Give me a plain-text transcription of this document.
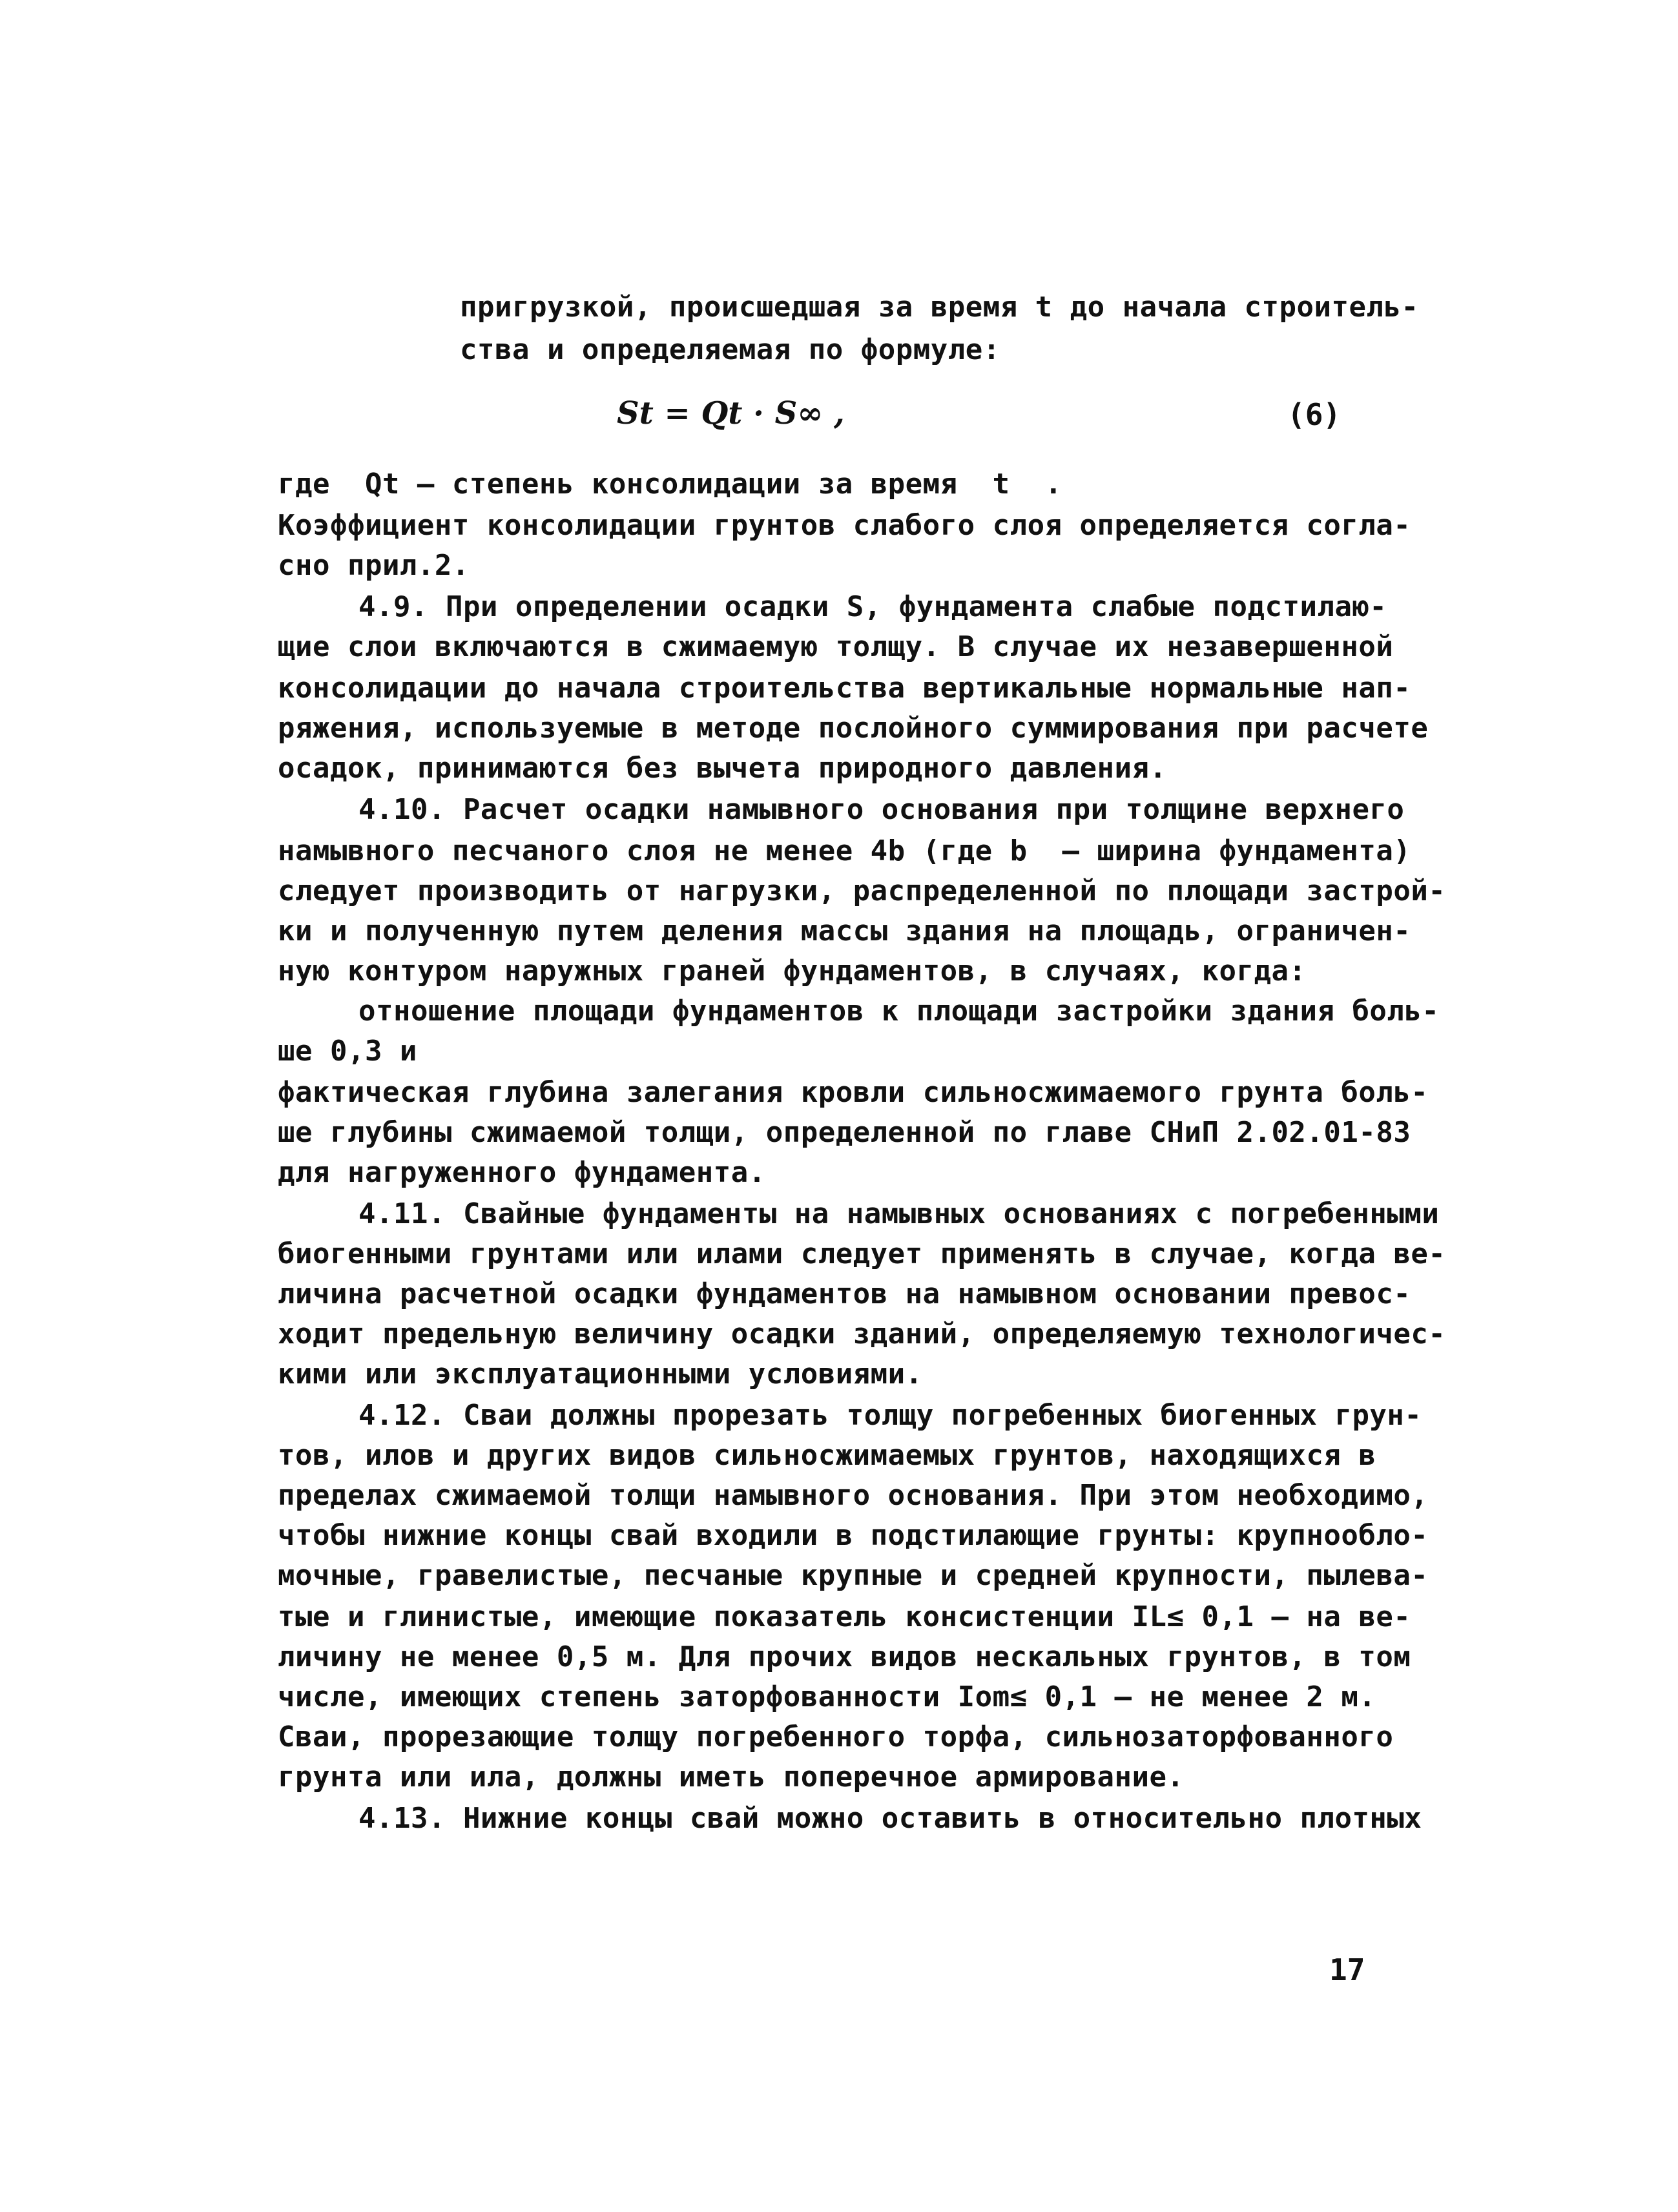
пригрузкой, происшедшая за время t до начала строитель-
ства и определяемая по формуле:
St = Qt · S∞ ,	(6)
где  Qt – степень консолидации за время  t  .
Коэффициент консолидации грунтов слабого слоя определяется согла-
сно прил.2.
4.9. При определении осадки S, фундамента слабые подстилаю-
щие слои включаются в сжимаемую толщу. В случае их незавершенной
консолидации до начала строительства вертикальные нормальные нап-
ряжения, используемые в методе послойного суммирования при расчете
осадок, принимаются без вычета природного давления.
4.10. Расчет осадки намывного основания при толщине верхнего
намывного песчаного слоя не менее 4b (где b  – ширина фундамента)
следует производить от нагрузки, распределенной по площади застрой-
ки и полученную путем деления массы здания на площадь, ограничен-
ную контуром наружных граней фундаментов, в случаях, когда:
отношение площади фундаментов к площади застройки здания боль-
ше 0,3 и
фактическая глубина залегания кровли сильносжимаемого грунта боль-
ше глубины сжимаемой толщи, определенной по главе СНиП 2.02.01-83
для нагруженного фундамента.
4.11. Свайные фундаменты на намывных основаниях с погребенными
биогенными грунтами или илами следует применять в случае, когда ве-
личина расчетной осадки фундаментов на намывном основании превос-
ходит предельную величину осадки зданий, определяемую технологичес-
кими или эксплуатационными условиями.
4.12. Сваи должны прорезать толщу погребенных биогенных грун-
тов, илов и других видов сильносжимаемых грунтов, находящихся в
пределах сжимаемой толщи намывного основания. При этом необходимо,
чтобы нижние концы свай входили в подстилающие грунты: крупнообло-
мочные, гравелистые, песчаные крупные и средней крупности, пылева-
тые и глинистые, имеющие показатель консистенции IL≤ 0,1 – на ве-
личину не менее 0,5 м. Для прочих видов нескальных грунтов, в том
числе, имеющих степень заторфованности Iom≤ 0,1 – не менее 2 м.
Сваи, прорезающие толщу погребенного торфа, сильнозаторфованного
грунта или ила, должны иметь поперечное армирование.
4.13. Нижние концы свай можно оставить в относительно плотных
17
